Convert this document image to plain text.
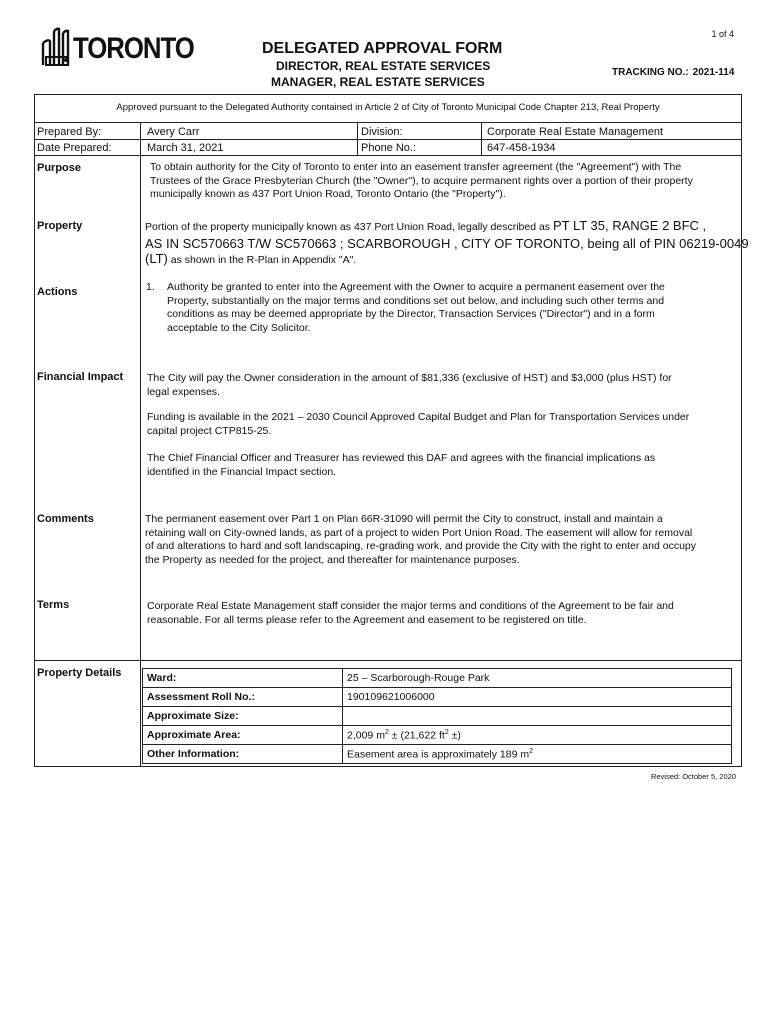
1 of 4
TORONTO	DELEGATED APPROVAL FORM
DIRECTOR, REAL ESTATE SERVICES
MANAGER, REAL ESTATE SERVICES
TRACKING NO.: 2021-114
Approved pursuant to the Delegated Authority contained in Article 2 of City of Toronto Municipal Code Chapter 213, Real Property
Prepared By:	Avery Carr	Division:	Corporate Real Estate Management
Date Prepared:	March 31, 2021	Phone No.:	647-458-1934
Purpose	To obtain authority for the City of Toronto to enter into an easement transfer agreement (the "Agreement") with The
Trustees of the Grace Presbyterian Church (the "Owner"), to acquire permanent rights over a portion of their property
municipally known as 437 Port Union Road, Toronto Ontario (the "Property").
Property	Portion of the property municipally known as 437 Port Union Road, legally described as PT LT 35, RANGE 2 BFC ,
AS IN SC570663 T/W SC570663 ; SCARBOROUGH , CITY OF TORONTO, being all of PIN 06219-0049
(LT) as shown in the R-Plan in Appendix "A".
Actions	1. Authority be granted to enter into the Agreement with the Owner to acquire a permanent easement over the
Property, substantially on the major terms and conditions set out below, and including such other terms and
conditions as may be deemed appropriate by the Director, Transaction Services ("Director") and in a form
acceptable to the City Solicitor.
Financial Impact The City will pay the Owner consideration in the amount of $81,336 (exclusive of HST) and $3,000 (plus HST) for
legal expenses.
Funding is available in the 2021 – 2030 Council Approved Capital Budget and Plan for Transportation Services under
capital project CTP815-25.
The Chief Financial Officer and Treasurer has reviewed this DAF and agrees with the financial implications as
identified in the Financial Impact section.
Comments	The permanent easement over Part 1 on Plan 66R-31090 will permit the City to construct, install and maintain a
retaining wall on City-owned lands, as part of a project to widen Port Union Road. The easement will allow for removal
of and alterations to hard and soft landscaping, re-grading work, and provide the City with the right to enter and occupy
the Property as needed for the project, and thereafter for maintenance purposes.
Terms	Corporate Real Estate Management staff consider the major terms and conditions of the Agreement to be fair and
reasonable. For all terms please refer to the Agreement and easement to be registered on title.
Property Details Ward:	25 – Scarborough-Rouge Park
Assessment Roll No.:	190109621006000
Approximate Size:
Approximate Area:	2,009 $m^2 \pm (21,622$ $ft^2$ ±)
Other Information:	Easement area is approximately 189 $m^2$
Revised: October 5, 2020
